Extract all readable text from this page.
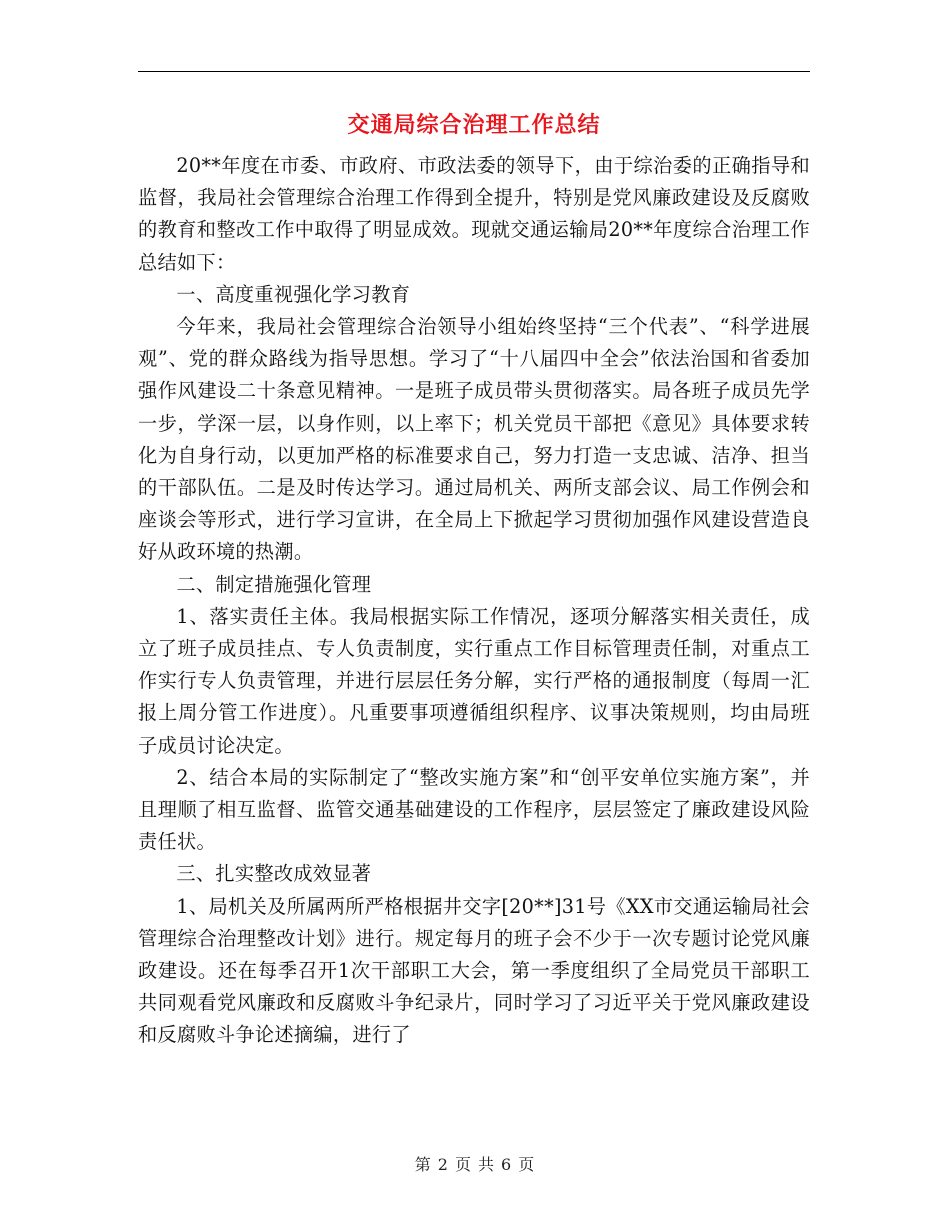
交通局综合治理工作总结

20**年度在市委、市政府、市政法委的领导下，由于综治委的正确指导和监督，我局社会管理综合治理工作得到全提升，特别是党风廉政建设及反腐败的教育和整改工作中取得了明显成效。现就交通运输局20**年度综合治理工作总结如下：

一、高度重视强化学习教育

今年来，我局社会管理综合治领导小组始终坚持“三个代表”、“科学进展观”、党的群众路线为指导思想。学习了“十八届四中全会”依法治国和省委加强作风建设二十条意见精神。一是班子成员带头贯彻落实。局各班子成员先学一步，学深一层，以身作则，以上率下；机关党员干部把《意见》具体要求转化为自身行动，以更加严格的标准要求自己，努力打造一支忠诚、洁净、担当的干部队伍。二是及时传达学习。通过局机关、两所支部会议、局工作例会和座谈会等形式，进行学习宣讲，在全局上下掀起学习贯彻加强作风建设营造良好从政环境的热潮。

二、制定措施强化管理

1、落实责任主体。我局根据实际工作情况，逐项分解落实相关责任，成立了班子成员挂点、专人负责制度，实行重点工作目标管理责任制，对重点工作实行专人负责管理，并进行层层任务分解，实行严格的通报制度（每周一汇报上周分管工作进度）。凡重要事项遵循组织程序、议事决策规则，均由局班子成员讨论决定。

2、结合本局的实际制定了“整改实施方案”和“创平安单位实施方案”，并且理顺了相互监督、监管交通基础建设的工作程序，层层签定了廉政建设风险责任状。

三、扎实整改成效显著

1、局机关及所属两所严格根据井交字[20**]31号《XX市交通运输局社会管理综合治理整改计划》进行。规定每月的班子会不少于一次专题讨论党风廉政建设。还在每季召开1次干部职工大会，第一季度组织了全局党员干部职工共同观看党风廉政和反腐败斗争纪录片，同时学习了习近平关于党风廉政建设和反腐败斗争论述摘编，进行了

第 2 页 共 6 页
